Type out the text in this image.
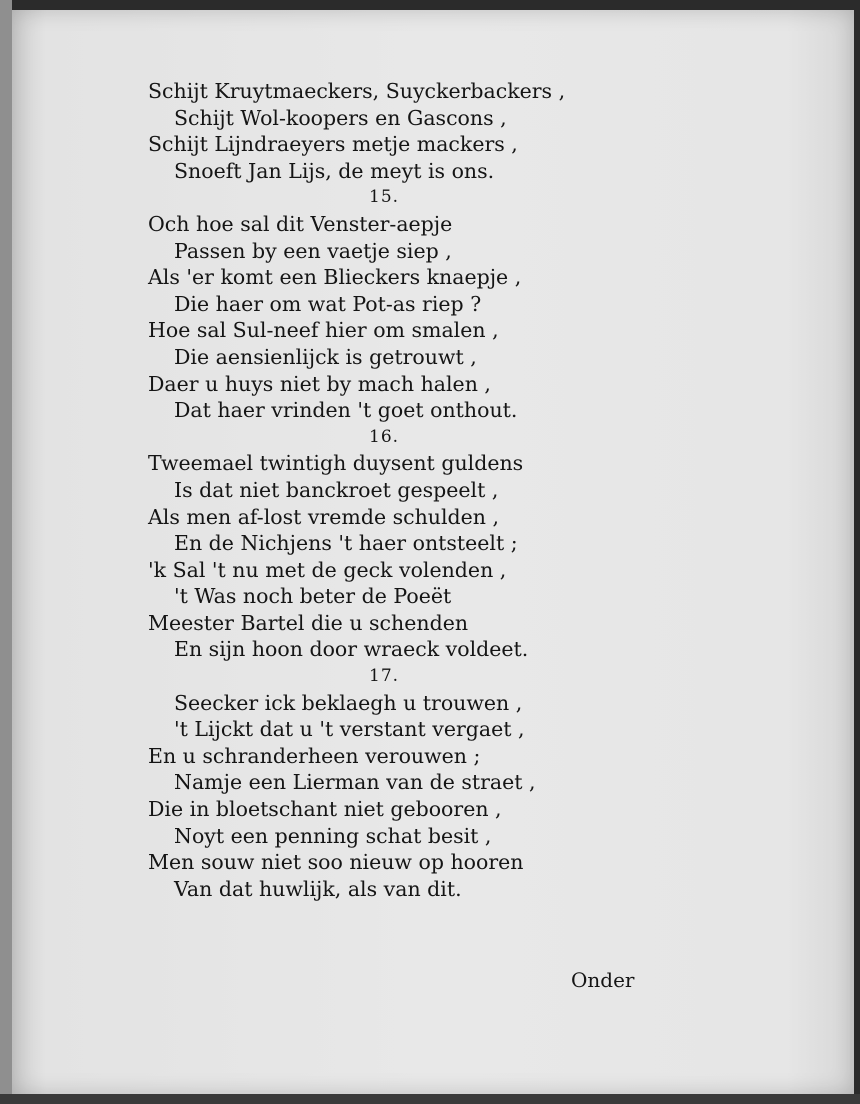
Schijt Kruytmaeckers, Suyckerbackers ,
Schijt Wol-koopers en Gascons ,
Schijt Lijndraeyers metje mackers ,
Snoeft Jan Lijs, de meyt is ons.
15.
Och hoe sal dit Venster-aepje
Passen by een vaetje siep ,
Als 'er komt een Blieckers knaepje ,
Die haer om wat Pot-as riep ?
Hoe sal Sul-neef hier om smalen ,
Die aensienlijck is getrouwt ,
Daer u huys niet by mach halen ,
Dat haer vrinden 't goet onthout.
16.
Tweemael twintigh duysent guldens
Is dat niet banckroet gespeelt ,
Als men af-lost vremde schulden ,
En de Nichjens 't haer ontsteelt ;
'k Sal 't nu met de geck volenden ,
't Was noch beter de Poeët
Meester Bartel die u schenden
En sijn hoon door wraeck voldeet.
17.
Seecker ick beklaegh u trouwen ,
't Lijckt dat u 't verstant vergaet ,
En u schranderheen verouwen ;
Namje een Lierman van de straet ,
Die in bloetschant niet gebooren ,
Noyt een penning schat besit ,
Men souw niet soo nieuw op hooren
Van dat huwlijk, als van dit.
Onder
